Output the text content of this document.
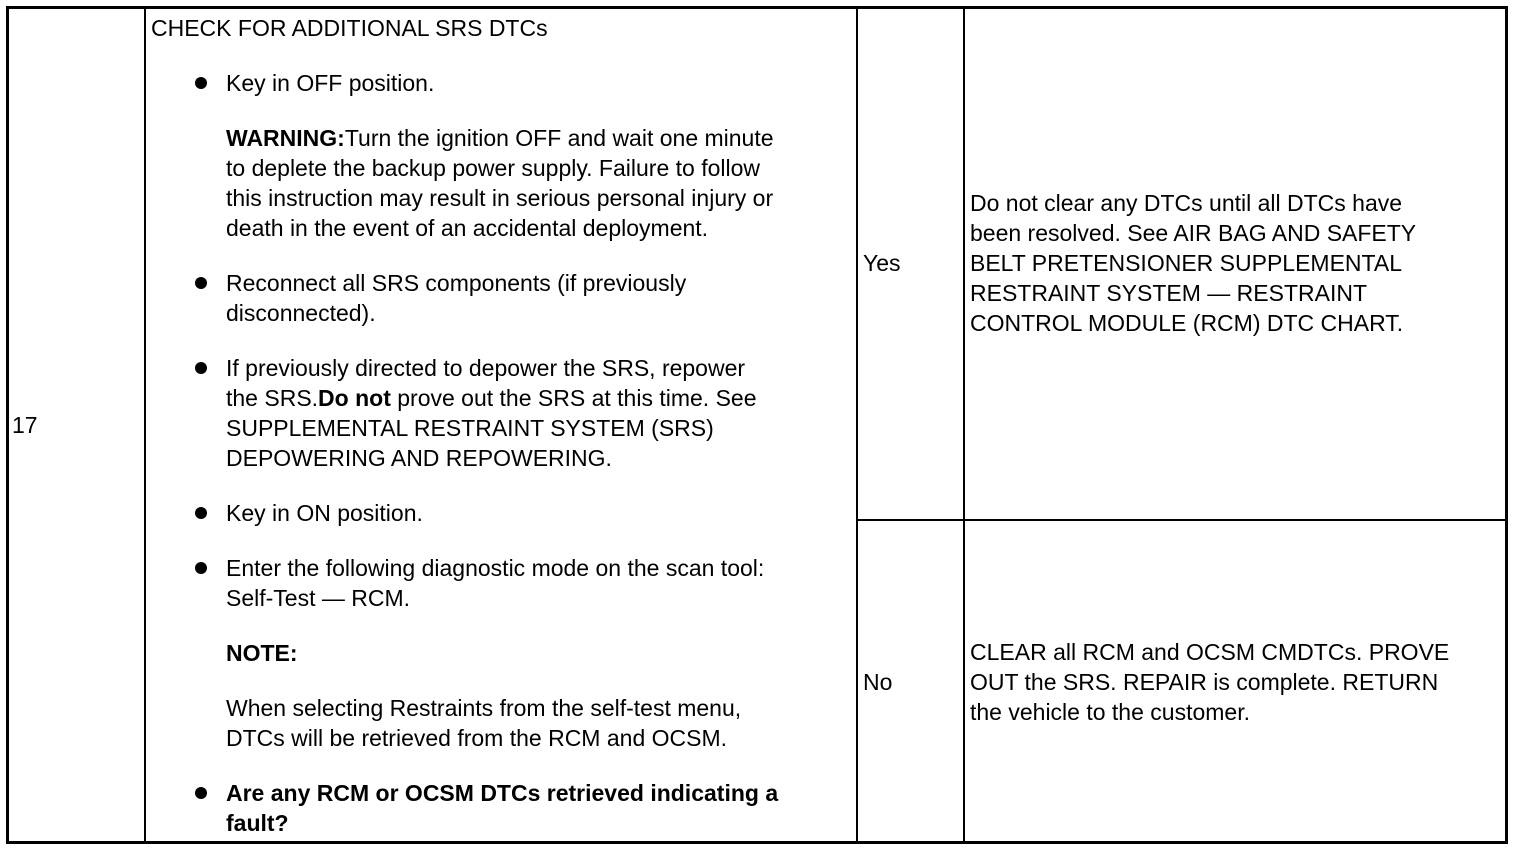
17
CHECK FOR ADDITIONAL SRS DTCs
Key in OFF position.
WARNING:Turn the ignition OFF and wait one minute
to deplete the backup power supply. Failure to follow
this instruction may result in serious personal injury or
death in the event of an accidental deployment.
Reconnect all SRS components (if previously
disconnected).
If previously directed to depower the SRS, repower
the SRS.Do not prove out the SRS at this time. See
SUPPLEMENTAL RESTRAINT SYSTEM (SRS)
DEPOWERING AND REPOWERING.
Key in ON position.
Enter the following diagnostic mode on the scan tool:
Self-Test — RCM.
NOTE:
When selecting Restraints from the self-test menu,
DTCs will be retrieved from the RCM and OCSM.
Are any RCM or OCSM DTCs retrieved indicating a
fault?
Yes
No
Do not clear any DTCs until all DTCs have
been resolved. See AIR BAG AND SAFETY
BELT PRETENSIONER SUPPLEMENTAL
RESTRAINT SYSTEM — RESTRAINT
CONTROL MODULE (RCM) DTC CHART.
CLEAR all RCM and OCSM CMDTCs. PROVE
OUT the SRS. REPAIR is complete. RETURN
the vehicle to the customer.
